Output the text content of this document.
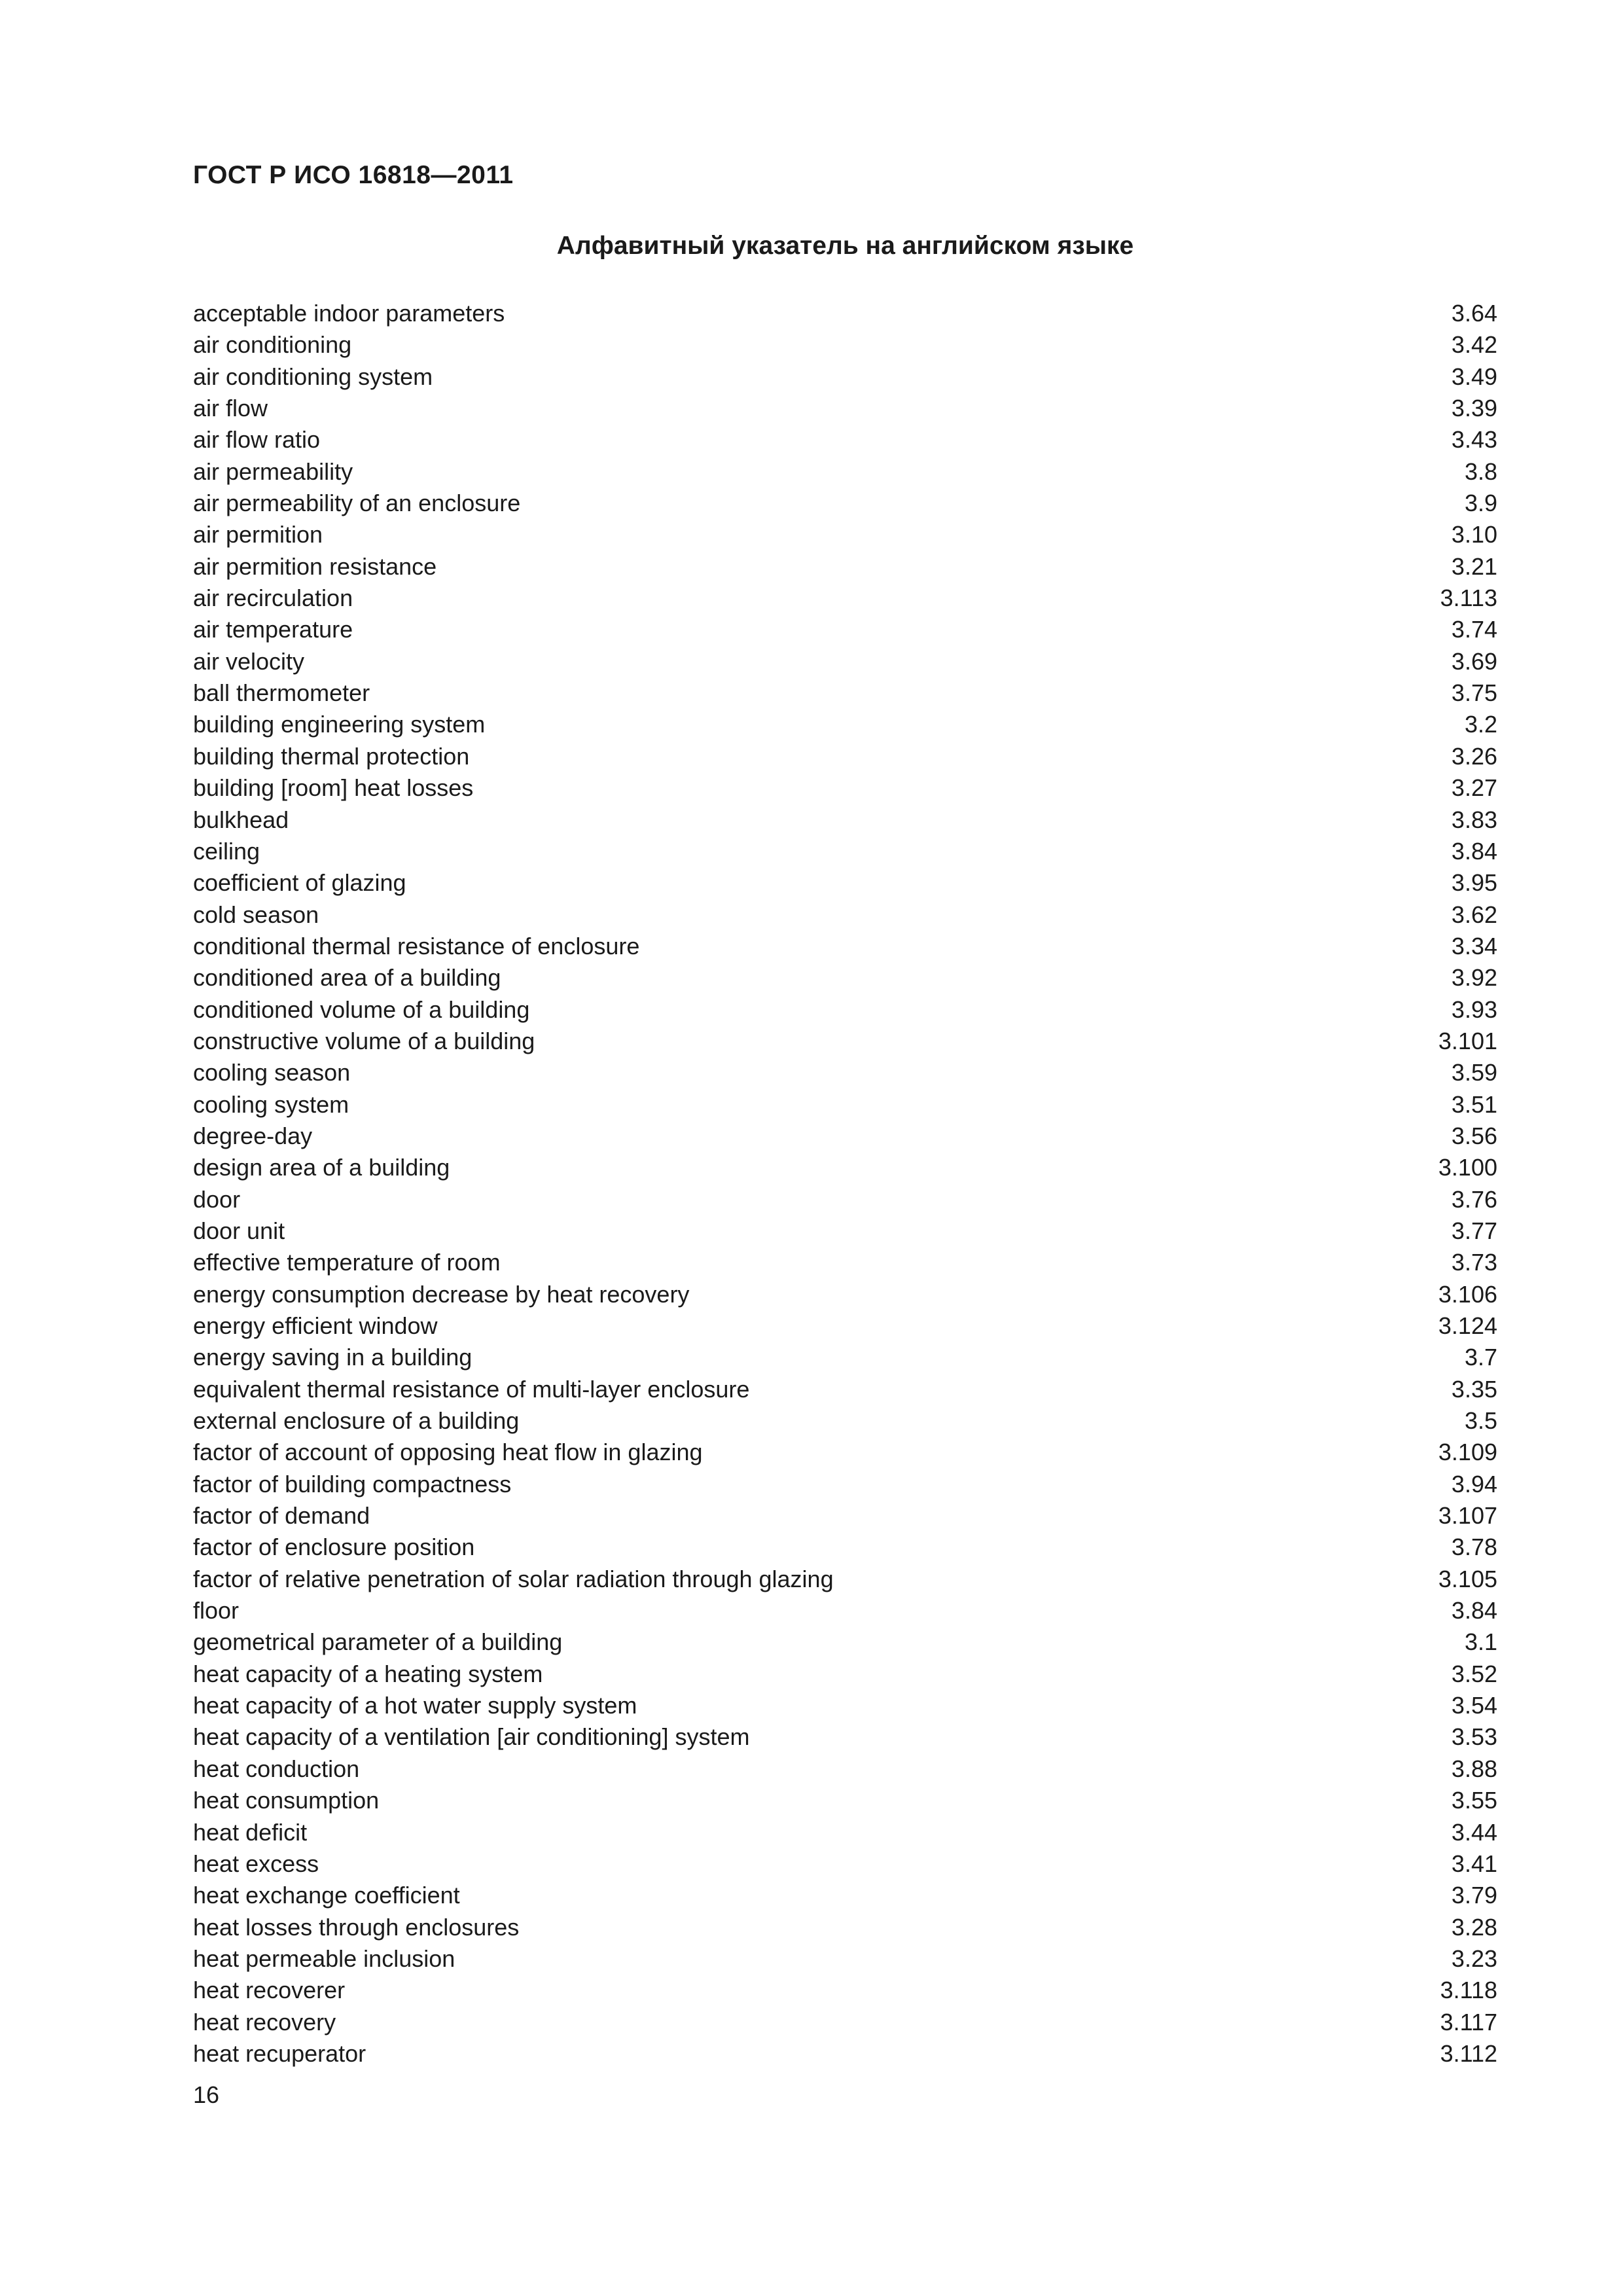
ГОСТ Р ИСО 16818—2011
Алфавитный указатель на английском языке
acceptable indoor parameters	3.64
air conditioning	3.42
air conditioning system	3.49
air flow	3.39
air flow ratio	3.43
air permeability	3.8
air permeability of an enclosure	3.9
air permition	3.10
air permition resistance	3.21
air recirculation	3.113
air temperature	3.74
air velocity	3.69
ball thermometer	3.75
building engineering system	3.2
building thermal protection	3.26
building [room] heat losses	3.27
bulkhead	3.83
ceiling	3.84
coefficient of glazing	3.95
cold season	3.62
conditional thermal resistance of enclosure	3.34
conditioned area of a building	3.92
conditioned volume of a building	3.93
constructive volume of a building	3.101
cooling season	3.59
cooling system	3.51
degree-day	3.56
design area of a building	3.100
door	3.76
door unit	3.77
effective temperature of room	3.73
energy consumption decrease by heat recovery	3.106
energy efficient window	3.124
energy saving in a building	3.7
equivalent thermal resistance of multi-layer enclosure	3.35
external enclosure of a building	3.5
factor of account of opposing heat flow in glazing	3.109
factor of building compactness	3.94
factor of demand	3.107
factor of enclosure position	3.78
factor of relative penetration of solar radiation through glazing	3.105
floor	3.84
geometrical parameter of a building	3.1
heat capacity of a heating system	3.52
heat capacity of a hot water supply system	3.54
heat capacity of a ventilation [air conditioning] system	3.53
heat conduction	3.88
heat consumption	3.55
heat deficit	3.44
heat excess	3.41
heat exchange coefficient	3.79
heat losses through enclosures	3.28
heat permeable inclusion	3.23
heat recoverer	3.118
heat recovery	3.117
heat recuperator	3.112
16
